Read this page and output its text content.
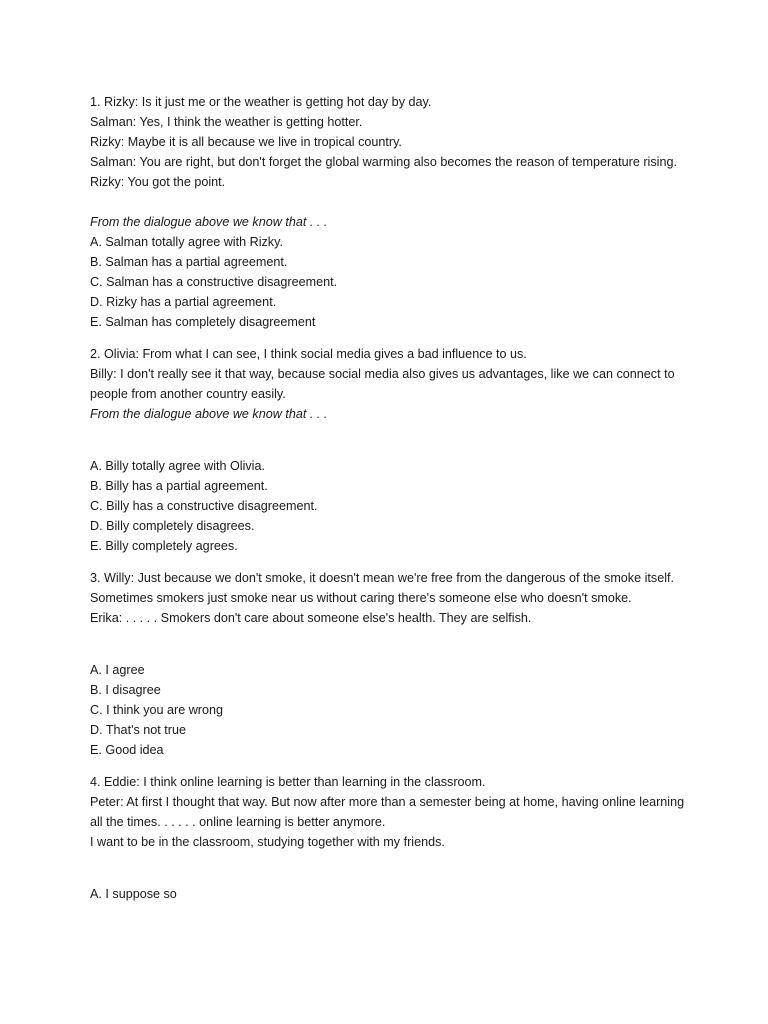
1. Rizky: Is it just me or the weather is getting hot day by day.

Salman: Yes, I think the weather is getting hotter.

Rizky: Maybe it is all because we live in tropical country.

Salman: You are right, but don't forget the global warming also becomes the reason of temperature rising.

Rizky: You got the point.

From the dialogue above we know that . . .

A. Salman totally agree with Rizky.

B. Salman has a partial agreement.

C. Salman has a constructive disagreement.

D. Rizky has a partial agreement.

E. Salman has completely disagreement

2. Olivia: From what I can see, I think social media gives a bad influence to us.

Billy: I don't really see it that way, because social media also gives us advantages, like we can connect to people from another country easily.

From the dialogue above we know that . . .

A. Billy totally agree with Olivia.

B. Billy has a partial agreement.

C. Billy has a constructive disagreement.

D. Billy completely disagrees.

E. Billy completely agrees.

3. Willy: Just because we don't smoke, it doesn't mean we're free from the dangerous of the smoke itself. Sometimes smokers just smoke near us without caring there's someone else who doesn't smoke.

Erika: . . . . . Smokers don't care about someone else's health. They are selfish.

A. I agree

B. I disagree

C. I think you are wrong

D. That's not true

E. Good idea

4. Eddie: I think online learning is better than learning in the classroom.

Peter: At first I thought that way. But now after more than a semester being at home, having online learning all the times. . . . . . online learning is better anymore.

I want to be in the classroom, studying together with my friends.

A. I suppose so
